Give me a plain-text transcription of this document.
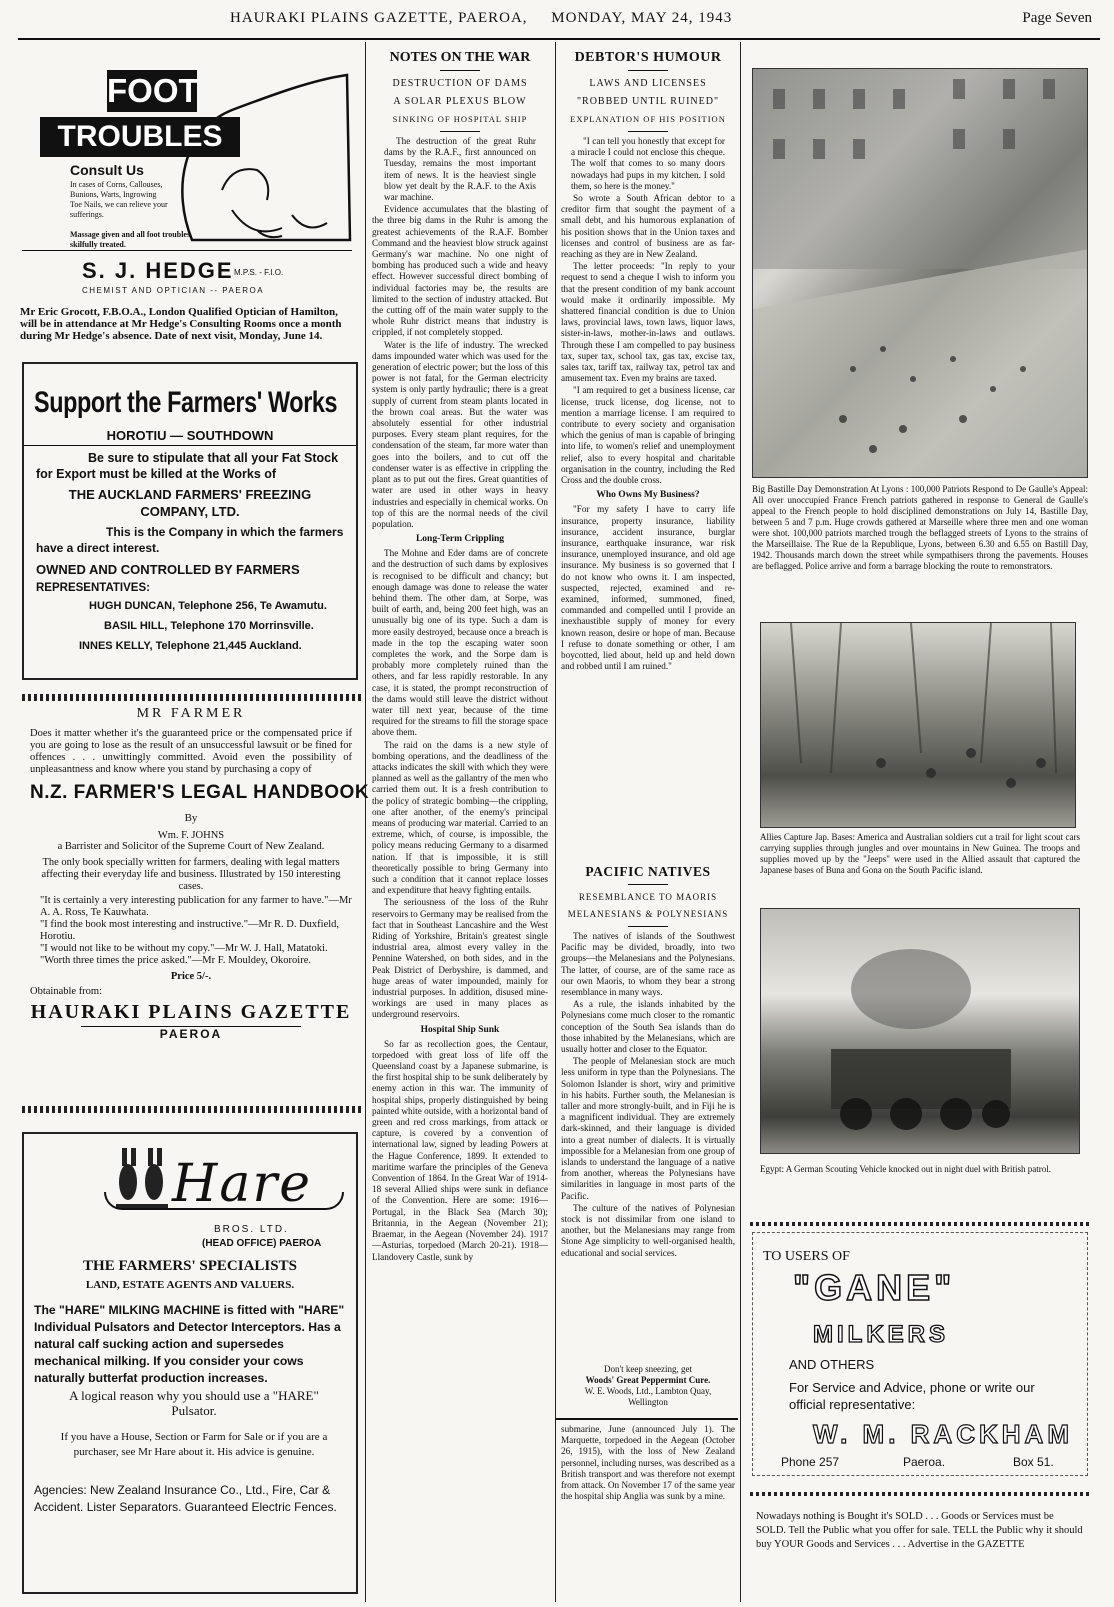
HAURAKI PLAINS GAZETTE, PAEROA, MONDAY, MAY 24, 1943	Page Seven
FOOT
TROUBLES
Consult Us
In cases of Corns, Callouses, Bunions, Warts, Ingrowing Toe Nails, we can relieve your sufferings.
Massage given and all foot troubles skilfully treated.
S. J. HEDGE M.P.S. - F.I.O.
CHEMIST AND OPTICIAN -- PAEROA
Mr Eric Grocott, F.B.O.A., London Qualified Optician of Hamilton, will be in attendance at Mr Hedge's Consulting Rooms once a month during Mr Hedge's absence. Date of next visit, Monday, June 14.
Support the Farmers' Works
HOROTIU — SOUTHDOWN
Be sure to stipulate that all your Fat Stock for Export must be killed at the Works of
THE AUCKLAND FARMERS' FREEZING COMPANY, LTD.
This is the Company in which the farmers have a direct interest.
OWNED AND CONTROLLED BY FARMERS
REPRESENTATIVES:
HUGH DUNCAN, Telephone 256, Te Awamutu.
BASIL HILL, Telephone 170 Morrinsville.
INNES KELLY, Telephone 21,445 Auckland.
MR FARMER
Does it matter whether it's the guaranteed price or the compensated price if you are going to lose as the result of an unsuccessful lawsuit or be fined for offences . . . unwittingly committed. Avoid even the possibility of unpleasantness and know where you stand by purchasing a copy of
N.Z. FARMER'S LEGAL HANDBOOK
By
Wm. F. JOHNS
a Barrister and Solicitor of the Supreme Court of New Zealand.
The only book specially written for farmers, dealing with legal matters affecting their everyday life and business. Illustrated by 150 interesting cases.
"It is certainly a very interesting publication for any farmer to have."—Mr A. A. Ross, Te Kauwhata.
"I find the book most interesting and instructive."—Mr R. D. Duxfield, Horotiu.
"I would not like to be without my copy."—Mr W. J. Hall, Matatoki.
"Worth three times the price asked."—Mr F. Mouldey, Okoroire.
Price 5/-.
Obtainable from:
HAURAKI PLAINS GAZETTE
PAEROA
Hare
BROS. LTD.
(HEAD OFFICE) PAEROA
THE FARMERS' SPECIALISTS
LAND, ESTATE AGENTS AND VALUERS.
The "HARE" MILKING MACHINE is fitted with "HARE" Individual Pulsators and Detector Interceptors. Has a natural calf sucking action and supersedes mechanical milking. If you consider your cows naturally butterfat production increases.
A logical reason why you should use a "HARE" Pulsator.
If you have a House, Section or Farm for Sale or if you are a purchaser, see Mr Hare about it. His advice is genuine.
Agencies: New Zealand Insurance Co., Ltd., Fire, Car & Accident. Lister Separators. Guaranteed Electric Fences.
NOTES ON THE WAR
DESTRUCTION OF DAMS
A SOLAR PLEXUS BLOW
SINKING OF HOSPITAL SHIP

The destruction of the great Ruhr dams by the R.A.F., first announced on Tuesday, remains the most important item of news. It is the heaviest single blow yet dealt by the R.A.F. to the Axis war machine.

Evidence accumulates that the blasting of the three big dams in the Ruhr is among the greatest achievements of the R.A.F. Bomber Command and the heaviest blow struck against Germany's war machine. No one night of bombing has produced such a wide and heavy effect. However successful direct bombing of individual factories may be, the results are limited to the section of industry attacked. But the cutting off of the main water supply to the whole Ruhr district means that industry is crippled, if not completely stopped.

Water is the life of industry. The wrecked dams impounded water which was used for the generation of electric power; but the loss of this power is not fatal, for the German electricity system is only partly hydraulic; there is a great supply of current from steam plants located in the brown coal areas. But the water was absolutely essential for other industrial purposes. Every steam plant requires, for the condensation of the steam, far more water than goes into the boilers, and to cut off the condenser water is as effective in crippling the plant as to put out the fires. Great quantities of water are used in other ways in heavy industries and especially in chemical works. On top of this are the normal needs of the civil population.

Long-Term Crippling

The Mohne and Eder dams are of concrete and the destruction of such dams by explosives is recognised to be difficult and chancy; but enough damage was done to release the water behind them. The other dam, at Sorpe, was built of earth, and, being 200 feet high, was an unusually big one of its type. Such a dam is more easily destroyed, because once a breach is made in the top the escaping water soon completes the work, and the Sorpe dam is probably more completely ruined than the others, and far less rapidly restorable. In any case, it is stated, the prompt reconstruction of the dams would still leave the district without water till next year, because of the time required for the streams to fill the storage space above them.

The raid on the dams is a new style of bombing operations, and the deadliness of the attacks indicates the skill with which they were planned as well as the gallantry of the men who carried them out. It is a fresh contribution to the policy of strategic bombing—the crippling, one after another, of the enemy's principal means of producing war material. Carried to an extreme, which, of course, is impossible, the policy means reducing Germany to a disarmed nation. If that is impossible, it is still theoretically possible to bring Germany into such a condition that it cannot replace losses and expenditure that heavy fighting entails.

The seriousness of the loss of the Ruhr reservoirs to Germany may be realised from the fact that in Southeast Lancashire and the West Riding of Yorkshire, Britain's greatest single industrial area, almost every valley in the Pennine Watershed, on both sides, and in the Peak District of Derbyshire, is dammed, and huge areas of water impounded, mainly for industrial purposes. In addition, disused mine-workings are used in many places as underground reservoirs.

Hospital Ship Sunk

So far as recollection goes, the Centaur, torpedoed with great loss of life off the Queensland coast by a Japanese submarine, is the first hospital ship to be sunk deliberately by enemy action in this war. The immunity of hospital ships, properly distinguished by being painted white outside, with a horizontal band of green and red cross markings, from attack or capture, is covered by a convention of international law, signed by leading Powers at the Hague Conference, 1899. It extended to maritime warfare the principles of the Geneva Convention of 1864. In the Great War of 1914-18 several Allied ships were sunk in defiance of the Convention. Here are some: 1916—Portugal, in the Black Sea (March 30); Britannia, in the Aegean (November 21); Braemar, in the Aegean (November 24). 1917—Asturias, torpedoed (March 20-21). 1918—Llandovery Castle, sunk by

DEBTOR'S HUMOUR
LAWS AND LICENSES
"ROBBED UNTIL RUINED"
EXPLANATION OF HIS POSITION

"I can tell you honestly that except for a miracle I could not enclose this cheque. The wolf that comes to so many doors nowadays had pups in my kitchen. I sold them, so here is the money."

So wrote a South African debtor to a creditor firm that sought the payment of a small debt, and his humorous explanation of his position shows that in the Union taxes and licenses and control of business are as far-reaching as they are in New Zealand.

The letter proceeds: "In reply to your request to send a cheque I wish to inform you that the present condition of my bank account would make it ordinarily impossible. My shattered financial condition is due to Union laws, provincial laws, town laws, liquor laws, sister-in-laws, mother-in-laws and outlaws. Through these I am compelled to pay business tax, super tax, school tax, gas tax, excise tax, sales tax, tariff tax, railway tax, petrol tax and amusement tax. Even my brains are taxed.

"I am required to get a business license, car license, truck license, dog license, not to mention a marriage license. I am required to contribute to every society and organisation which the genius of man is capable of bringing into life, to women's relief and unemployment relief, also to every hospital and charitable organisation in the country, including the Red Cross and the double cross.

Who Owns My Business?

"For my safety I have to carry life insurance, property insurance, liability insurance, accident insurance, burglar insurance, earthquake insurance, war risk insurance, unemployed insurance, and old age insurance. My business is so governed that I do not know who owns it. I am inspected, suspected, rejected, examined and re-examined, informed, summoned, fined, commanded and compelled until I provide an inexhaustible supply of money for every known reason, desire or hope of man. Because I refuse to donate something or other, I am boycotted, lied about, held up and held down and robbed until I am ruined."

PACIFIC NATIVES
RESEMBLANCE TO MAORIS
MELANESIANS & POLYNESIANS

The natives of islands of the Southwest Pacific may be divided, broadly, into two groups—the Melanesians and the Polynesians. The latter, of course, are of the same race as our own Maoris, to whom they bear a strong resemblance in many ways.

As a rule, the islands inhabited by the Polynesians come much closer to the romantic conception of the South Sea islands than do those inhabited by the Melanesians, which are usually hotter and closer to the Equator.

The people of Melanesian stock are much less uniform in type than the Polynesians. The Solomon Islander is short, wiry and primitive in his habits. Further south, the Melanesian is taller and more strongly-built, and in Fiji he is a magnificent individual. They are extremely dark-skinned, and their language is divided into a great number of dialects. It is virtually impossible for a Melanesian from one group of islands to understand the language of a native from another, whereas the Polynesians have similarities in language in most parts of the Pacific.

The culture of the natives of Polynesian stock is not dissimilar from one island to another, but the Melanesians may range from Stone Age simplicity to well-organised health, educational and social services.

Don't keep sneezing, get
Woods' Great Peppermint Cure.
W. E. Woods, Ltd., Lambton Quay,
Wellington

submarine, June (announced July 1). The Marquette, torpedoed in the Aegean (October 26, 1915), with the loss of New Zealand personnel, including nurses, was described as a British transport and was therefore not exempt from attack. On November 17 of the same year the hospital ship Anglia was sunk by a mine.

Big Bastille Day Demonstration At Lyons : 100,000 Patriots Respond to De Gaulle's Appeal: All over unoccupied France French patriots gathered in response to General de Gaulle's appeal to the French people to hold disciplined demonstrations on July 14, Bastille Day, between 5 and 7 p.m. Huge crowds gathered at Marseille where three men and one woman were shot. 100,000 patriots marched trough the beflagged streets of Lyons to the strains of the Marseillaise. The Rue de la Republique, Lyons, between 6.30 and 6.55 on Bastill Day, 1942. Thousands march down the street while sympathisers throng the pavements. Houses are beflagged. Police arrive and form a barrage blocking the route to remonstrators.
Allies Capture Jap. Bases: America and Australian soldiers cut a trail for light scout cars carrying supplies through jungles and over mountains in New Guinea. The troops and supplies moved up by the "Jeeps" were used in the Allied assault that captured the Japanese bases of Buna and Gona on the South Pacific island.
Egypt: A German Scouting Vehicle knocked out in night duel with British patrol.
TO USERS OF
"GANE"
MILKERS
AND OTHERS
For Service and Advice, phone or write our official representative:
W. M. RACKHAM
Phone 257	Paeroa.	Box 51.
Nowadays nothing is Bought it's SOLD . . . Goods or Services must be SOLD. Tell the Public what you offer for sale. TELL the Public why it should buy YOUR Goods and Services . . . Advertise in the GAZETTE
